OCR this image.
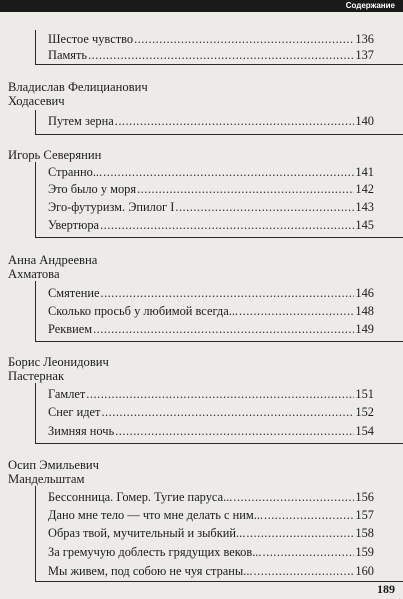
Содержание
Шестое чувство .....	136
Память .....	137
Владислав Фелицианович
Ходасевич
Путем зерна .....	140
Игорь Северянин
Странно... .....	141
Это было у моря .....	142
Эго-футуризм. Эпилог I .....	143
Увертюра .....	145
Анна Андреевна
Ахматова
Смятение .....	146
Сколько просьб у любимой всегда... .....	148
Реквием .....	149
Борис Леонидович
Пастернак
Гамлет .....	151
Снег идет .....	152
Зимняя ночь .....	154
Осип Эмильевич
Мандельштам
Бессонница. Гомер. Тугие паруса... .....	156
Дано мне тело — что мне делать с ним... .....	157
Образ твой, мучительный и зыбкий... .....	158
За гремучую доблесть грядущих веков... .....	159
Мы живем, под собою не чуя страны... .....	160
189
